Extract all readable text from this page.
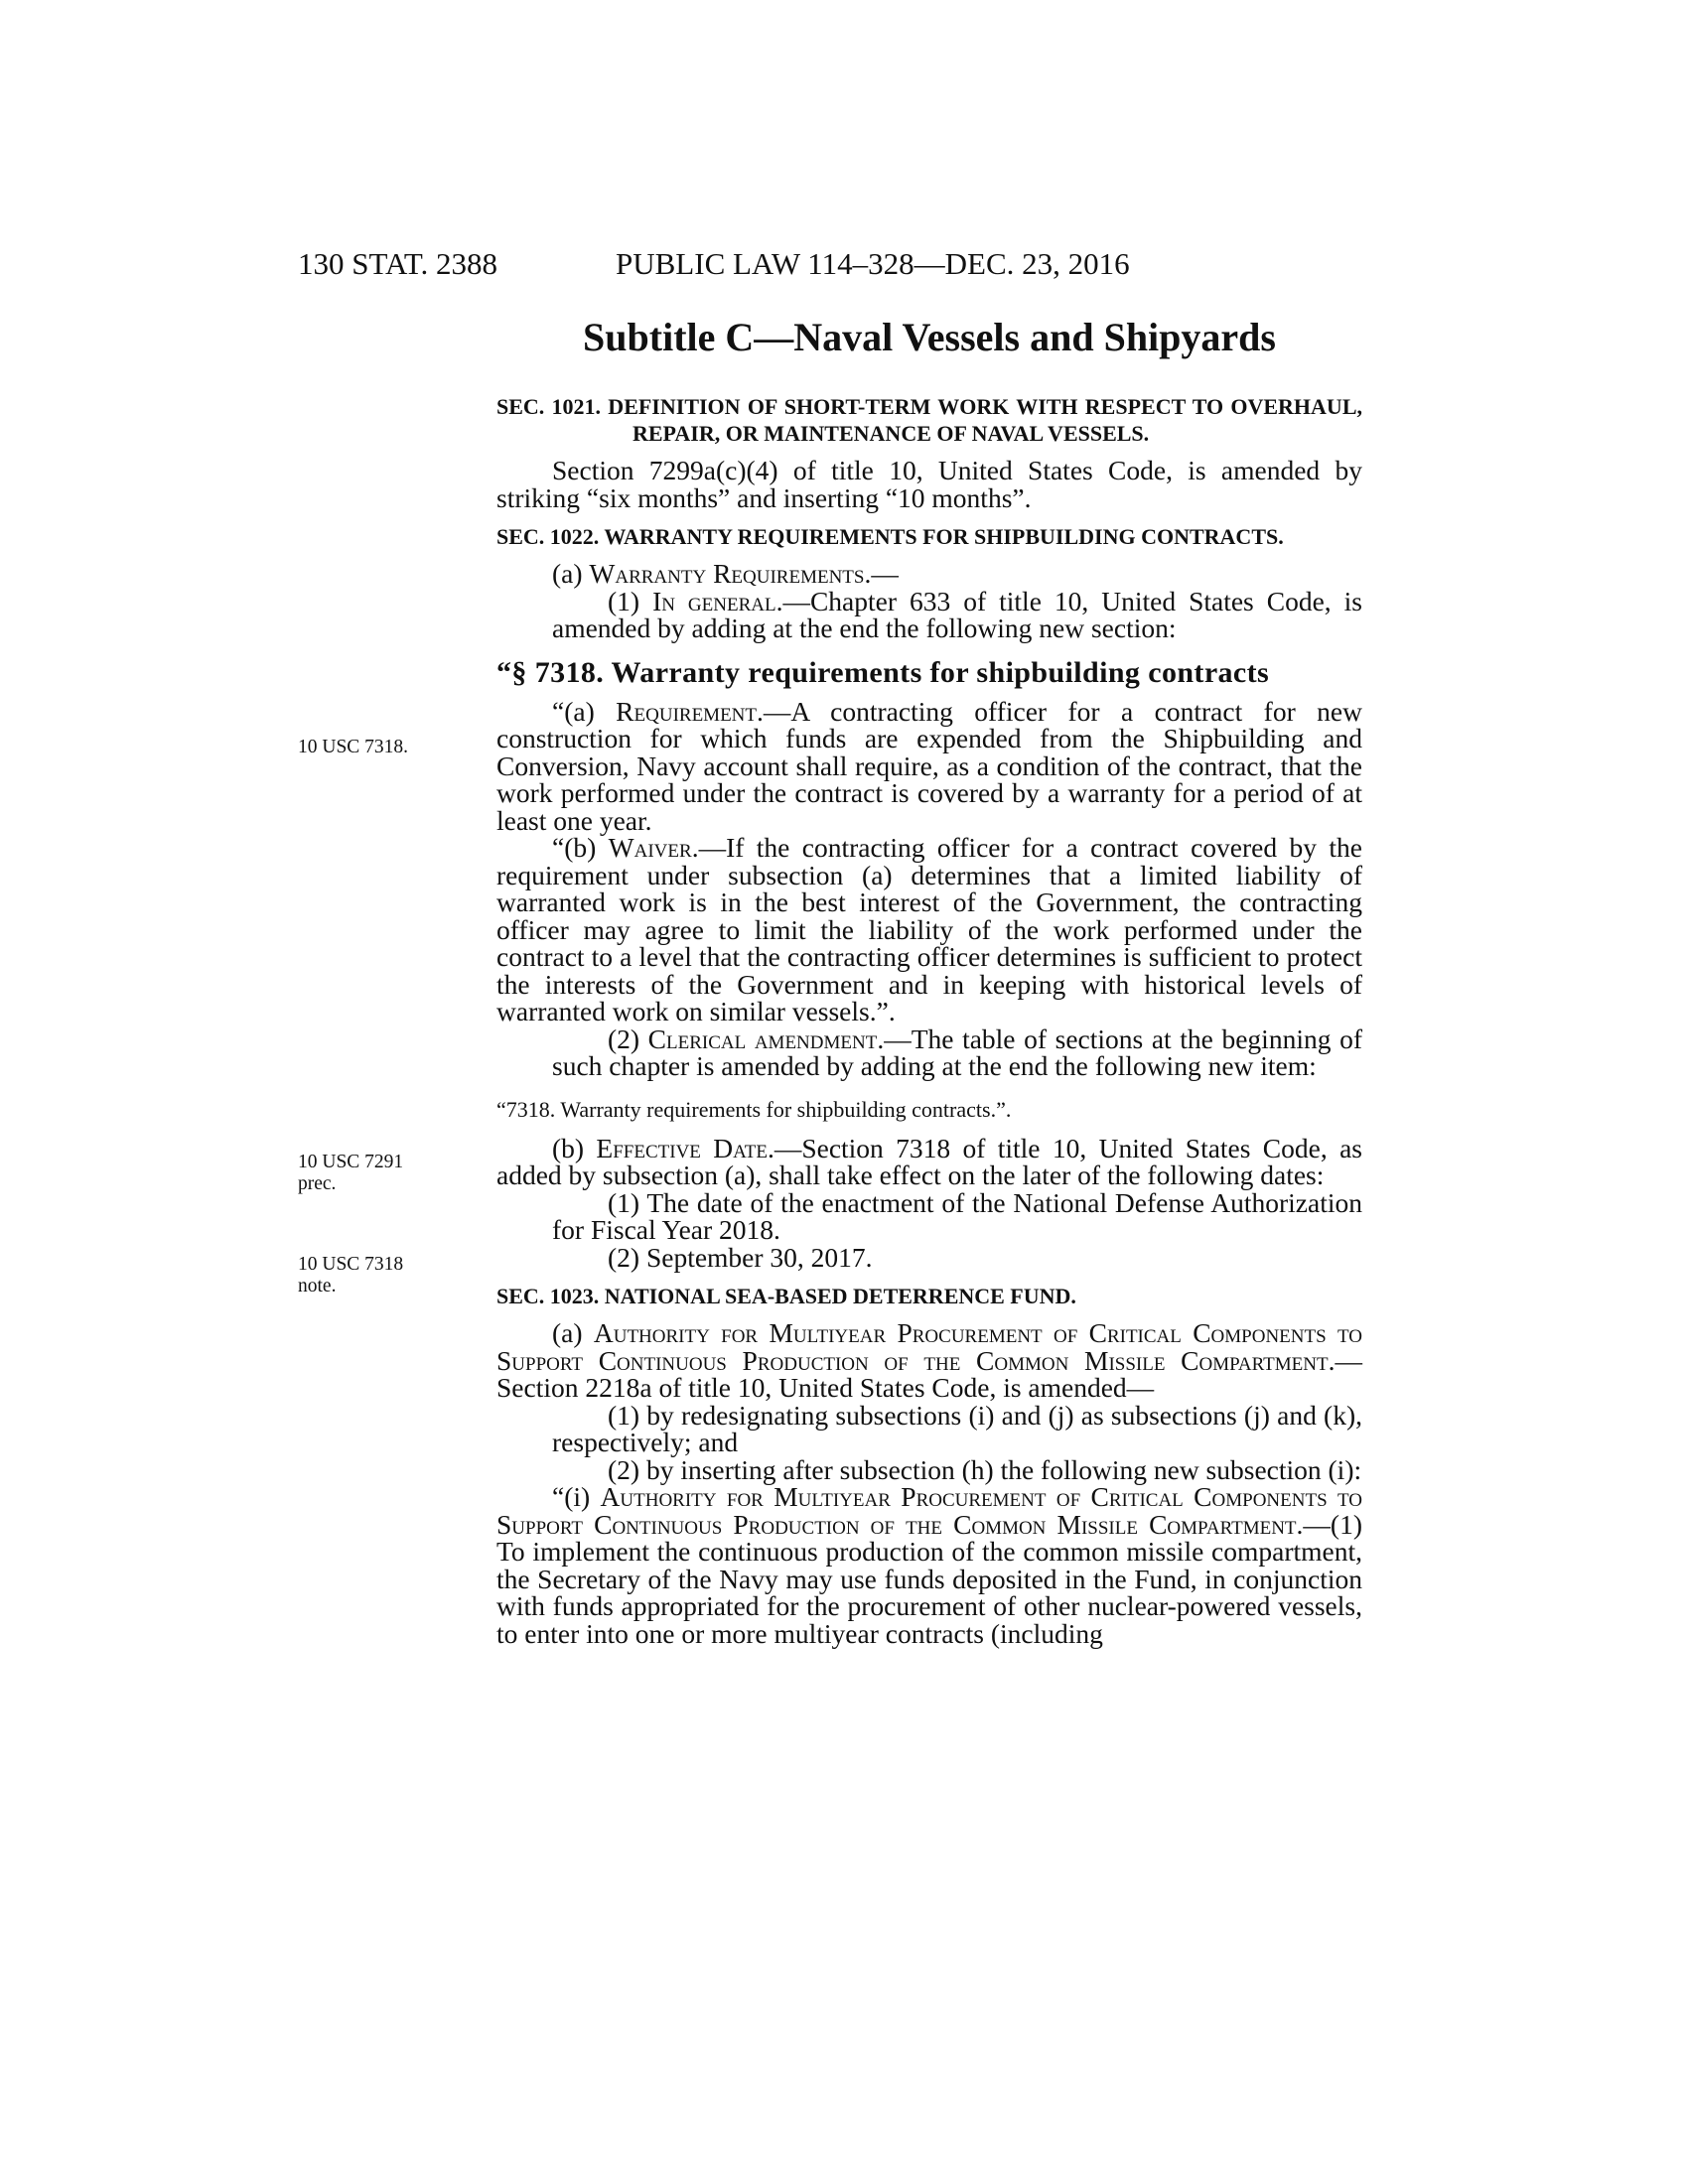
130 STAT. 2388	PUBLIC LAW 114–328—DEC. 23, 2016
10 USC 7318.
10 USC 7291
prec.
10 USC 7318
note.
Subtitle C—Naval Vessels and Shipyards
SEC. 1021. DEFINITION OF SHORT-TERM WORK WITH RESPECT TO OVERHAUL, REPAIR, OR MAINTENANCE OF NAVAL VESSELS.

Section 7299a(c)(4) of title 10, United States Code, is amended by striking “six months” and inserting “10 months”.

SEC. 1022. WARRANTY REQUIREMENTS FOR SHIPBUILDING CONTRACTS.

(a) Warranty Requirements.—

(1) In general.—Chapter 633 of title 10, United States Code, is amended by adding at the end the following new section:

“§ 7318. Warranty requirements for shipbuilding contracts

“(a) Requirement.—A contracting officer for a contract for new construction for which funds are expended from the Shipbuilding and Conversion, Navy account shall require, as a condition of the contract, that the work performed under the contract is covered by a warranty for a period of at least one year.

“(b) Waiver.—If the contracting officer for a contract covered by the requirement under subsection (a) determines that a limited liability of warranted work is in the best interest of the Government, the contracting officer may agree to limit the liability of the work performed under the contract to a level that the contracting officer determines is sufficient to protect the interests of the Government and in keeping with historical levels of warranted work on similar vessels.”.

(2) Clerical amendment.—The table of sections at the beginning of such chapter is amended by adding at the end the following new item:

“7318. Warranty requirements for shipbuilding contracts.”.

(b) Effective Date.—Section 7318 of title 10, United States Code, as added by subsection (a), shall take effect on the later of the following dates:

(1) The date of the enactment of the National Defense Authorization for Fiscal Year 2018.

(2) September 30, 2017.

SEC. 1023. NATIONAL SEA-BASED DETERRENCE FUND.

(a) Authority for Multiyear Procurement of Critical Components to Support Continuous Production of the Common Missile Compartment.—Section 2218a of title 10, United States Code, is amended—

(1) by redesignating subsections (i) and (j) as subsections (j) and (k), respectively; and

(2) by inserting after subsection (h) the following new subsection (i):

“(i) Authority for Multiyear Procurement of Critical Components to Support Continuous Production of the Common Missile Compartment.—(1) To implement the continuous production of the common missile compartment, the Secretary of the Navy may use funds deposited in the Fund, in conjunction with funds appropriated for the procurement of other nuclear-powered vessels, to enter into one or more multiyear contracts (including
